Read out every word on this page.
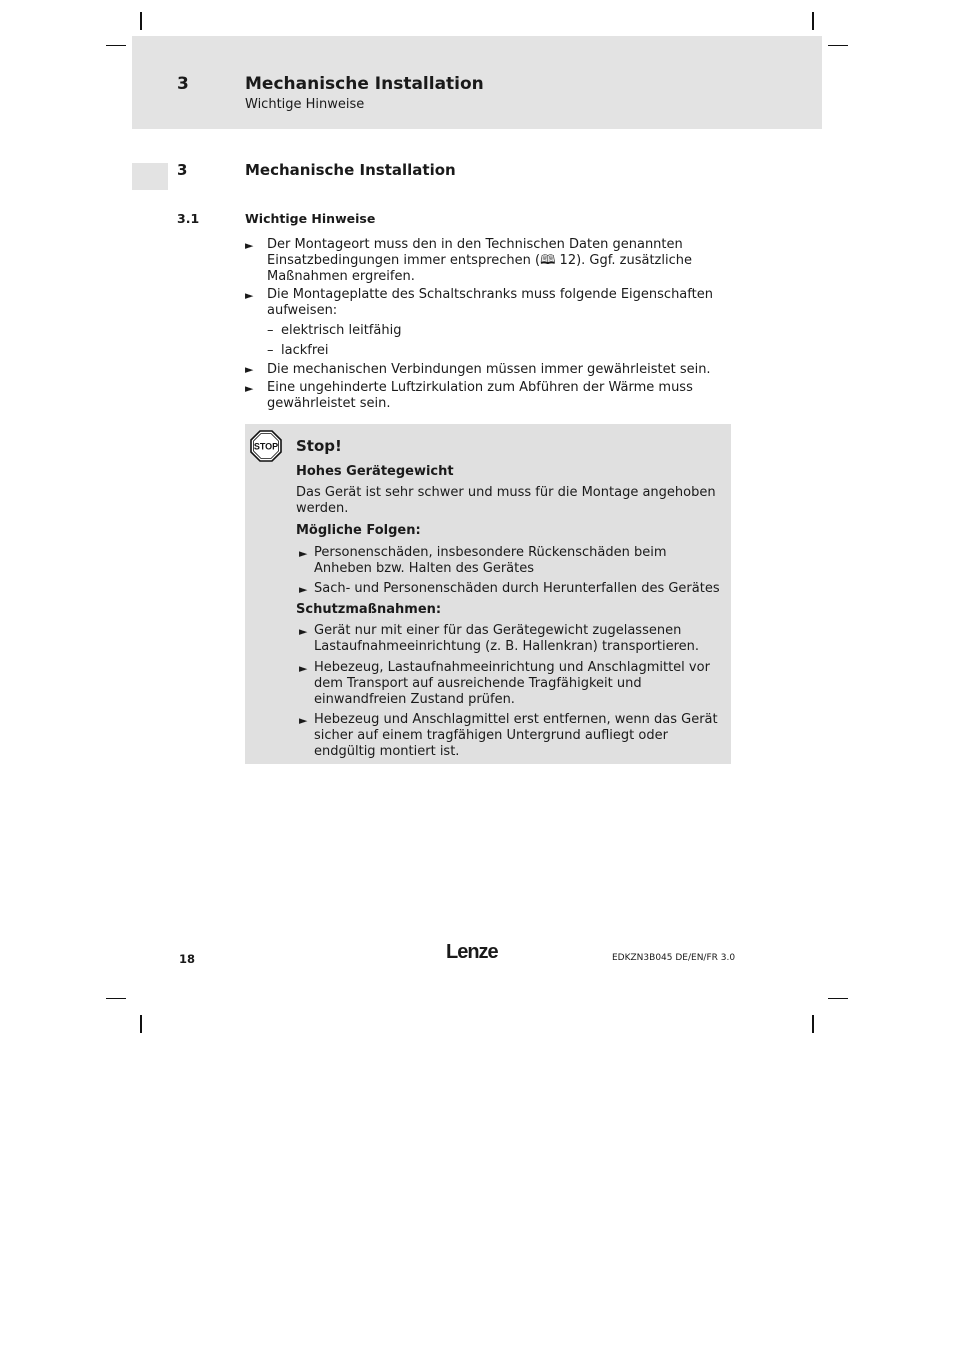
3	Mechanische Installation
Wichtige Hinweise
3	Mechanische Installation
3.1	Wichtige Hinweise
► Der Montageort muss den in den Technischen Daten genannten Einsatzbedingungen immer entsprechen (🕮 12). Ggf. zusätzliche Maßnahmen ergreifen.
► Die Montageplatte des Schaltschranks muss folgende Eigenschaften aufweisen:
– elektrisch leitfähig
– lackfrei
► Die mechanischen Verbindungen müssen immer gewährleistet sein.
► Eine ungehinderte Luftzirkulation zum Abführen der Wärme muss gewährleistet sein.
STOP Stop!
Hohes Gerätegewicht
Das Gerät ist sehr schwer und muss für die Montage angehoben werden.
Mögliche Folgen:
► Personenschäden, insbesondere Rückenschäden beim Anheben bzw. Halten des Gerätes
► Sach- und Personenschäden durch Herunterfallen des Gerätes
Schutzmaßnahmen:
► Gerät nur mit einer für das Gerätegewicht zugelassenen Lastaufnahmeeinrichtung (z. B. Hallenkran) transportieren.
► Hebezeug, Lastaufnahmeeinrichtung und Anschlagmittel vor dem Transport auf ausreichende Tragfähigkeit und einwandfreien Zustand prüfen.
► Hebezeug und Anschlagmittel erst entfernen, wenn das Gerät sicher auf einem tragfähigen Untergrund aufliegt oder endgültig montiert ist.
18	Lenze	EDKZN3B045 DE/EN/FR 3.0
